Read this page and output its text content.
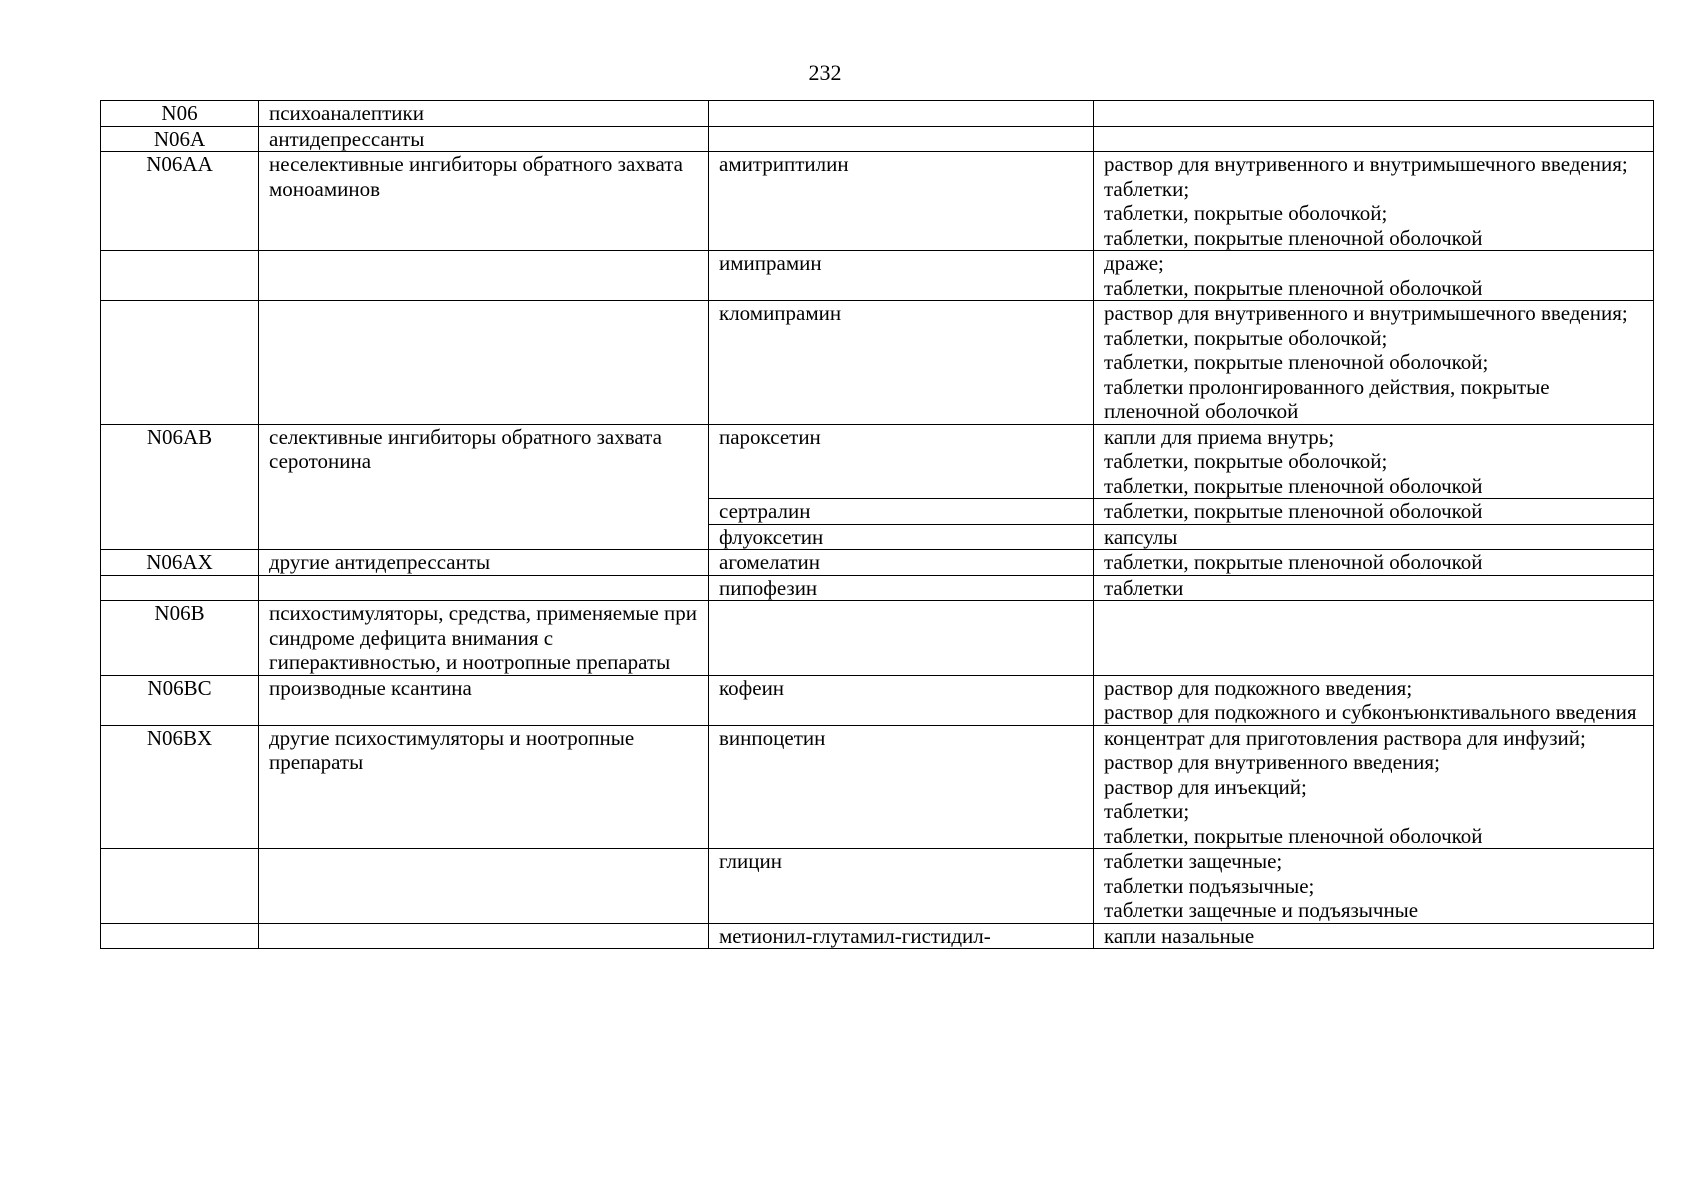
232
N06	психоаналептики		
N06A	антидепрессанты		
N06AA	неселективные ингибиторы обратного захвата моноаминов	амитриптилин	раствор для внутривенного и внутримышечного введения;
таблетки;
таблетки, покрытые оболочкой;
таблетки, покрытые пленочной оболочкой
		имипрамин	драже;
таблетки, покрытые пленочной оболочкой
		кломипрамин	раствор для внутривенного и внутримышечного введения;
таблетки, покрытые оболочкой;
таблетки, покрытые пленочной оболочкой;
таблетки пролонгированного действия, покрытые пленочной оболочкой
N06AB	селективные ингибиторы обратного захвата серотонина	пароксетин	капли для приема внутрь;
таблетки, покрытые оболочкой;
таблетки, покрытые пленочной оболочкой
		сертралин	таблетки, покрытые пленочной оболочкой
		флуоксетин	капсулы
N06AX	другие антидепрессанты	агомелатин	таблетки, покрытые пленочной оболочкой
		пипофезин	таблетки
N06B	психостимуляторы, средства, применяемые при синдроме дефицита внимания с гиперактивностью, и ноотропные препараты		
N06BC	производные ксантина	кофеин	раствор для подкожного введения;
раствор для подкожного и субконъюнктивального введения
N06BX	другие психостимуляторы и ноотропные препараты	винпоцетин	концентрат для приготовления раствора для инфузий;
раствор для внутривенного введения;
раствор для инъекций;
таблетки;
таблетки, покрытые пленочной оболочкой
		глицин	таблетки защечные;
таблетки подъязычные;
таблетки защечные и подъязычные
		метионил-глутамил-гистидил-	капли назальные
